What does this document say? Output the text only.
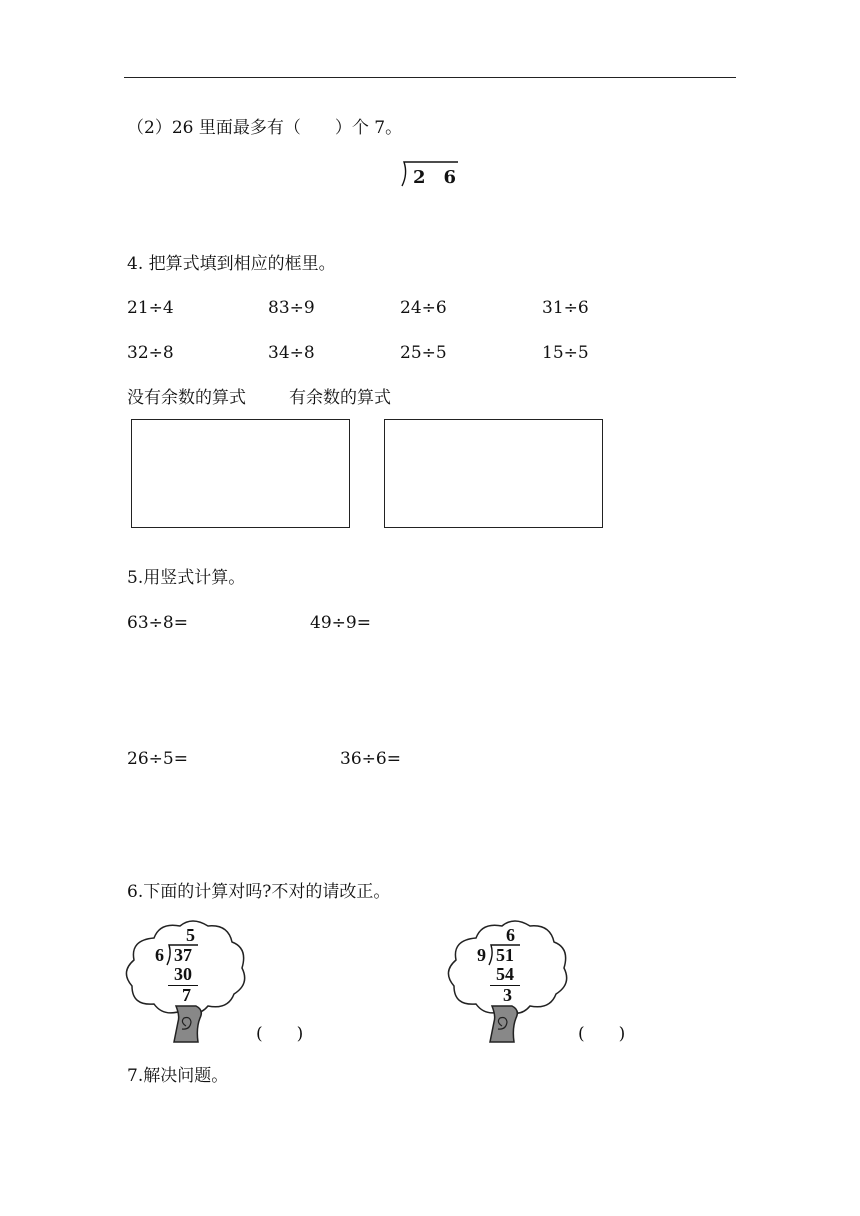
（2）26 里面最多有（　　）个 7。
2　6
4. 把算式填到相应的框里。
21÷4	83÷9	24÷6	31÷6
32÷8	34÷8	25÷5	15÷5
没有余数的算式	有余数的算式
5.用竖式计算。
63÷8=	49÷9=
26÷5=	36÷6=
6.下面的计算对吗?不对的请改正。
5
6 37
30
7
(　　)
6
9 51
54
3
(　　)
7.解决问题。
